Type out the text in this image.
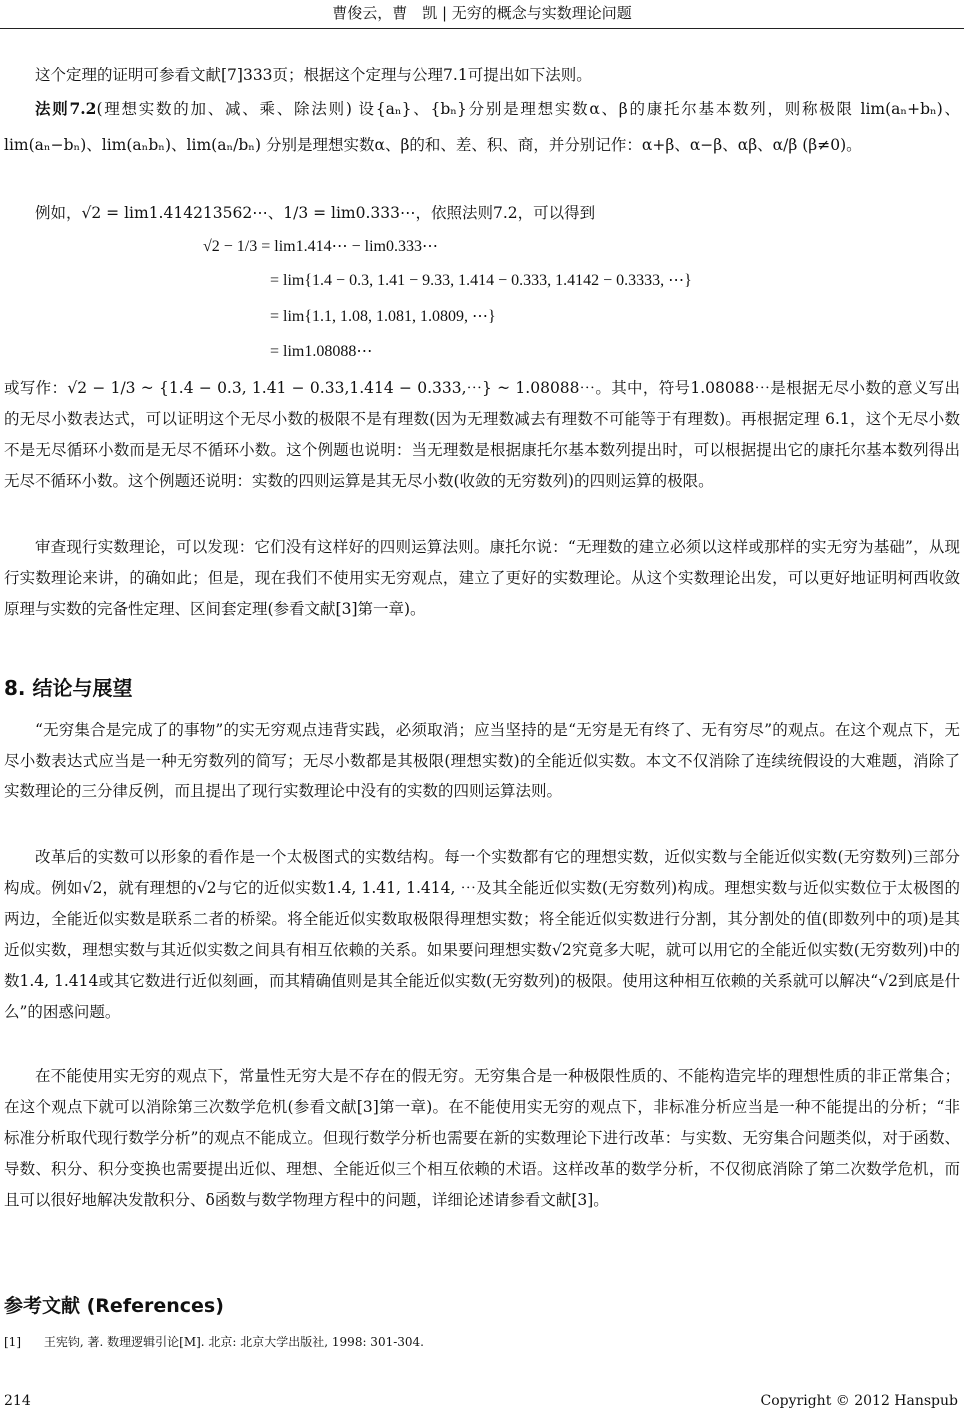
曹俊云，曹　凯 | 无穷的概念与实数理论问题

这个定理的证明可参看文献[7]333页；根据这个定理与公理7.1可提出如下法则。

法则7.2(理想实数的加、减、乘、除法则) 设{aₙ}、{bₙ}分别是理想实数α、β的康托尔基本数列，则称极限 lim(aₙ+bₙ)、lim(aₙ−bₙ)、lim(aₙbₙ)、lim(aₙ/bₙ) 分别是理想实数α、β的和、差、积、商，并分别记作：α+β、α−β、αβ、α/β (β≠0)。
例如，√2 = lim1.414213562⋯、1/3 = lim0.333⋯，依照法则7.2，可以得到
√2 − 1/3 = lim1.414⋯ − lim0.333⋯
= lim{1.4 − 0.3, 1.41 − 9.33, 1.414 − 0.333, 1.4142 − 0.3333, ⋯}
= lim{1.1, 1.08, 1.081, 1.0809, ⋯}
= lim1.08088⋯
或写作：√2 − 1/3 ~ {1.4 − 0.3, 1.41 − 0.33,1.414 − 0.333,⋯} ~ 1.08088⋯。其中，符号1.08088⋯是根据无尽小数的意义写出的无尽小数表达式，可以证明这个无尽小数的极限不是有理数(因为无理数减去有理数不可能等于有理数)。再根据定理 6.1，这个无尽小数不是无尽循环小数而是无尽不循环小数。这个例题也说明：当无理数是根据康托尔基本数列提出时，可以根据提出它的康托尔基本数列得出无尽不循环小数。这个例题还说明：实数的四则运算是其无尽小数(收敛的无穷数列)的四则运算的极限。
审查现行实数理论，可以发现：它们没有这样好的四则运算法则。康托尔说：“无理数的建立必须以这样或那样的实无穷为基础”，从现行实数理论来讲，的确如此；但是，现在我们不使用实无穷观点，建立了更好的实数理论。从这个实数理论出发，可以更好地证明柯西收敛原理与实数的完备性定理、区间套定理(参看文献[3]第一章)。
8. 结论与展望
“无穷集合是完成了的事物”的实无穷观点违背实践，必须取消；应当坚持的是“无穷是无有终了、无有穷尽”的观点。在这个观点下，无尽小数表达式应当是一种无穷数列的简写；无尽小数都是其极限(理想实数)的全能近似实数。本文不仅消除了连续统假设的大难题，消除了实数理论的三分律反例，而且提出了现行实数理论中没有的实数的四则运算法则。
改革后的实数可以形象的看作是一个太极图式的实数结构。每一个实数都有它的理想实数，近似实数与全能近似实数(无穷数列)三部分构成。例如√2，就有理想的√2与它的近似实数1.4, 1.41, 1.414, ⋯及其全能近似实数(无穷数列)构成。理想实数与近似实数位于太极图的两边，全能近似实数是联系二者的桥梁。将全能近似实数取极限得理想实数；将全能近似实数进行分割，其分割处的值(即数列中的项)是其近似实数，理想实数与其近似实数之间具有相互依赖的关系。如果要问理想实数√2究竟多大呢，就可以用它的全能近似实数(无穷数列)中的数1.4, 1.414或其它数进行近似刻画，而其精确值则是其全能近似实数(无穷数列)的极限。使用这种相互依赖的关系就可以解决“√2到底是什么”的困惑问题。
在不能使用实无穷的观点下，常量性无穷大是不存在的假无穷。无穷集合是一种极限性质的、不能构造完毕的理想性质的非正常集合；在这个观点下就可以消除第三次数学危机(参看文献[3]第一章)。在不能使用实无穷的观点下，非标准分析应当是一种不能提出的分析；“非标准分析取代现行数学分析”的观点不能成立。但现行数学分析也需要在新的实数理论下进行改革：与实数、无穷集合问题类似，对于函数、导数、积分、积分变换也需要提出近似、理想、全能近似三个相互依赖的术语。这样改革的数学分析，不仅彻底消除了第二次数学危机，而且可以很好地解决发散积分、δ函数与数学物理方程中的问题，详细论述请参看文献[3]。
参考文献 (References)
[1]      王宪钧, 著. 数理逻辑引论[M]. 北京: 北京大学出版社, 1998: 301-304.
214	Copyright © 2012 Hanspub
